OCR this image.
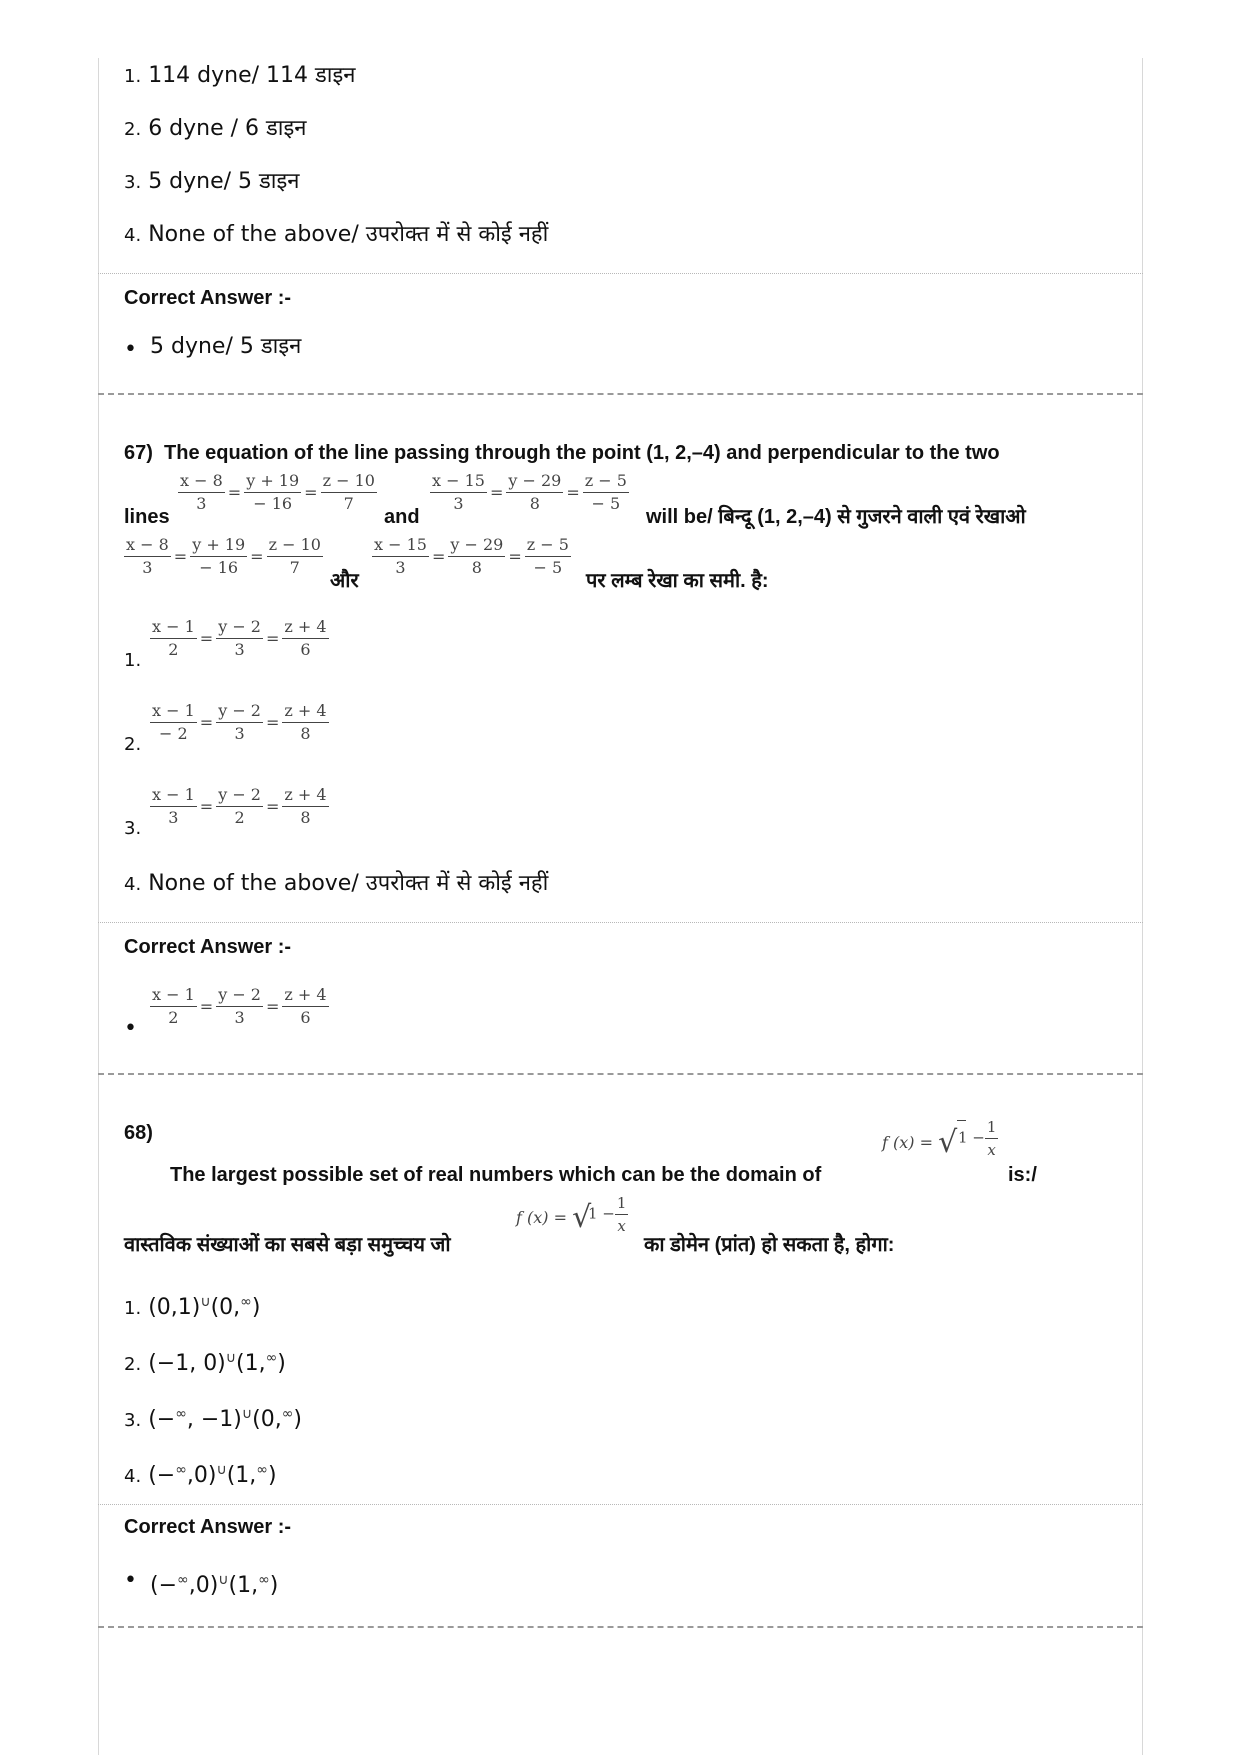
1. 114 dyne/ 114 डाइन
2. 6 dyne / 6 डाइन
3. 5 dyne/ 5 डाइन
4. None of the above/ उपरोक्त में से कोई नहीं
Correct Answer :-
• 5 dyne/ 5 डाइन
67) The equation of the line passing through the point (1, 2,–4) and perpendicular to the two
lines
$\frac{x - 8}{3} = \frac{y + 19}{- 16} = \frac{z - 10}{7}$
and
$\frac{x - 15}{3} = \frac{y - 29}{8} = \frac{z - 5}{- 5}$
will be/ बिन्दू (1, 2,–4) से गुजरने वाली एवं रेखाओ
$\frac{x - 8}{3} = \frac{y + 19}{- 16} = \frac{z - 10}{7}$
और
$\frac{x - 15}{3} = \frac{y - 29}{8} = \frac{z - 5}{- 5}$
पर लम्ब रेखा का समी. है:
1. $\frac{x - 1}{2} = \frac{y - 2}{3} = \frac{z + 4}{6}$
2. $\frac{x - 1}{- 2} = \frac{y - 2}{3} = \frac{z + 4}{8}$
3. $\frac{x - 1}{3} = \frac{y - 2}{2} = \frac{z + 4}{8}$
4. None of the above/ उपरोक्त में से कोई नहीं
Correct Answer :-
• $\frac{x - 1}{2} = \frac{y - 2}{3} = \frac{z + 4}{6}$
68)
The largest possible set of real numbers which can be the domain of
f (x) = √

$1 - \frac{1}{x}$
is:/
वास्तविक संख्याओं का सबसे बड़ा समुच्चय जो
f (x) = √
$1 - \frac{1}{x}$
का डोमेन (प्रांत) हो सकता है, होगा:
1. (0,1)∪(0,∞)
2. (−1, 0)∪(1,∞)
3. (−∞, −1)∪(0,∞)
4. (−∞,0)∪(1,∞)
Correct Answer :-
• (−∞,0)∪(1,∞)
